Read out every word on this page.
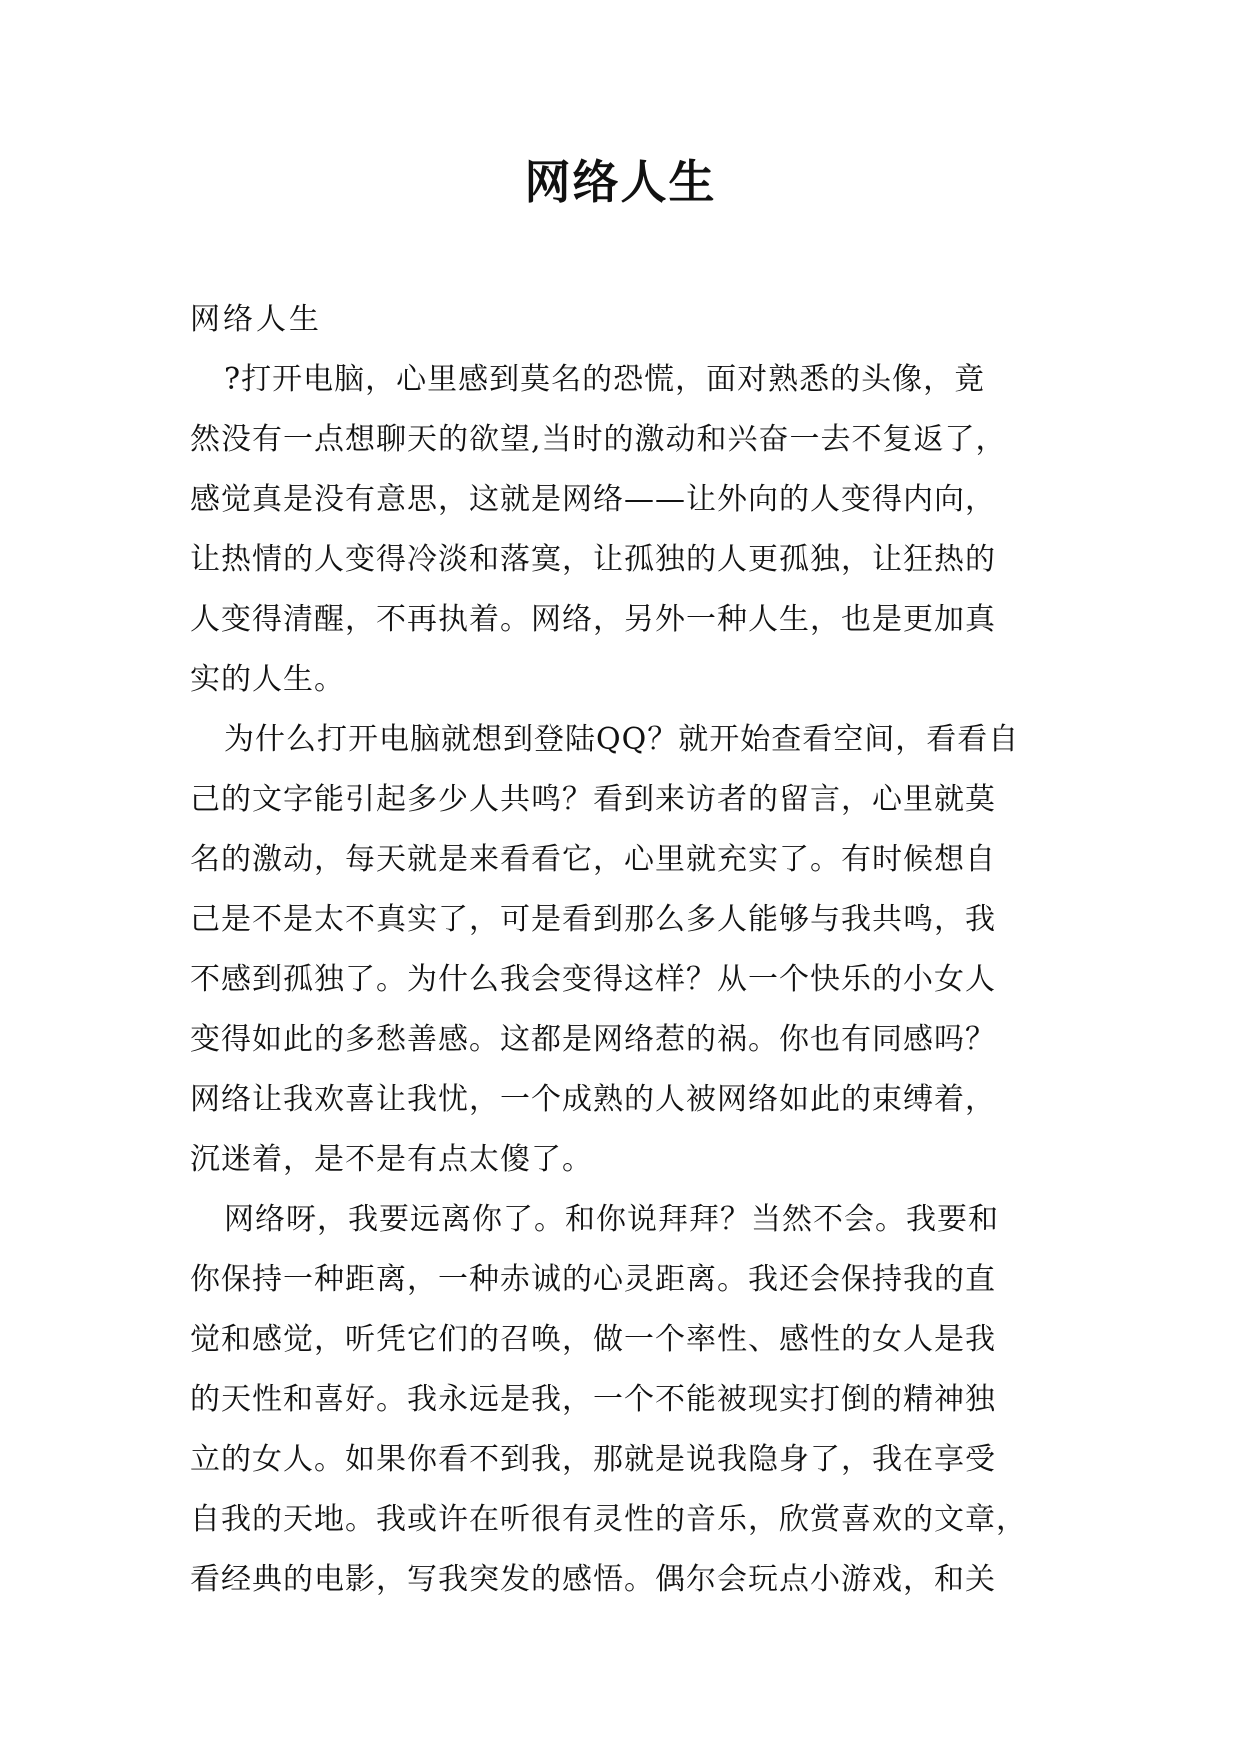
网络人生

网络人生

?打开电脑，心里感到莫名的恐慌，面对熟悉的头像，竟
然没有一点想聊天的欲望,当时的激动和兴奋一去不复返了，
感觉真是没有意思，这就是网络——让外向的人变得内向，
让热情的人变得冷淡和落寞，让孤独的人更孤独，让狂热的
人变得清醒，不再执着。网络，另外一种人生，也是更加真
实的人生。

为什么打开电脑就想到登陆QQ？就开始查看空间，看看自
己的文字能引起多少人共鸣？看到来访者的留言，心里就莫
名的激动，每天就是来看看它，心里就充实了。有时候想自
己是不是太不真实了，可是看到那么多人能够与我共鸣，我
不感到孤独了。为什么我会变得这样？从一个快乐的小女人
变得如此的多愁善感。这都是网络惹的祸。你也有同感吗？
网络让我欢喜让我忧，一个成熟的人被网络如此的束缚着，
沉迷着，是不是有点太傻了。

网络呀，我要远离你了。和你说拜拜？当然不会。我要和
你保持一种距离，一种赤诚的心灵距离。我还会保持我的直
觉和感觉，听凭它们的召唤，做一个率性、感性的女人是我
的天性和喜好。我永远是我，一个不能被现实打倒的精神独
立的女人。如果你看不到我，那就是说我隐身了，我在享受
自我的天地。我或许在听很有灵性的音乐，欣赏喜欢的文章，
看经典的电影，写我突发的感悟。偶尔会玩点小游戏，和关
